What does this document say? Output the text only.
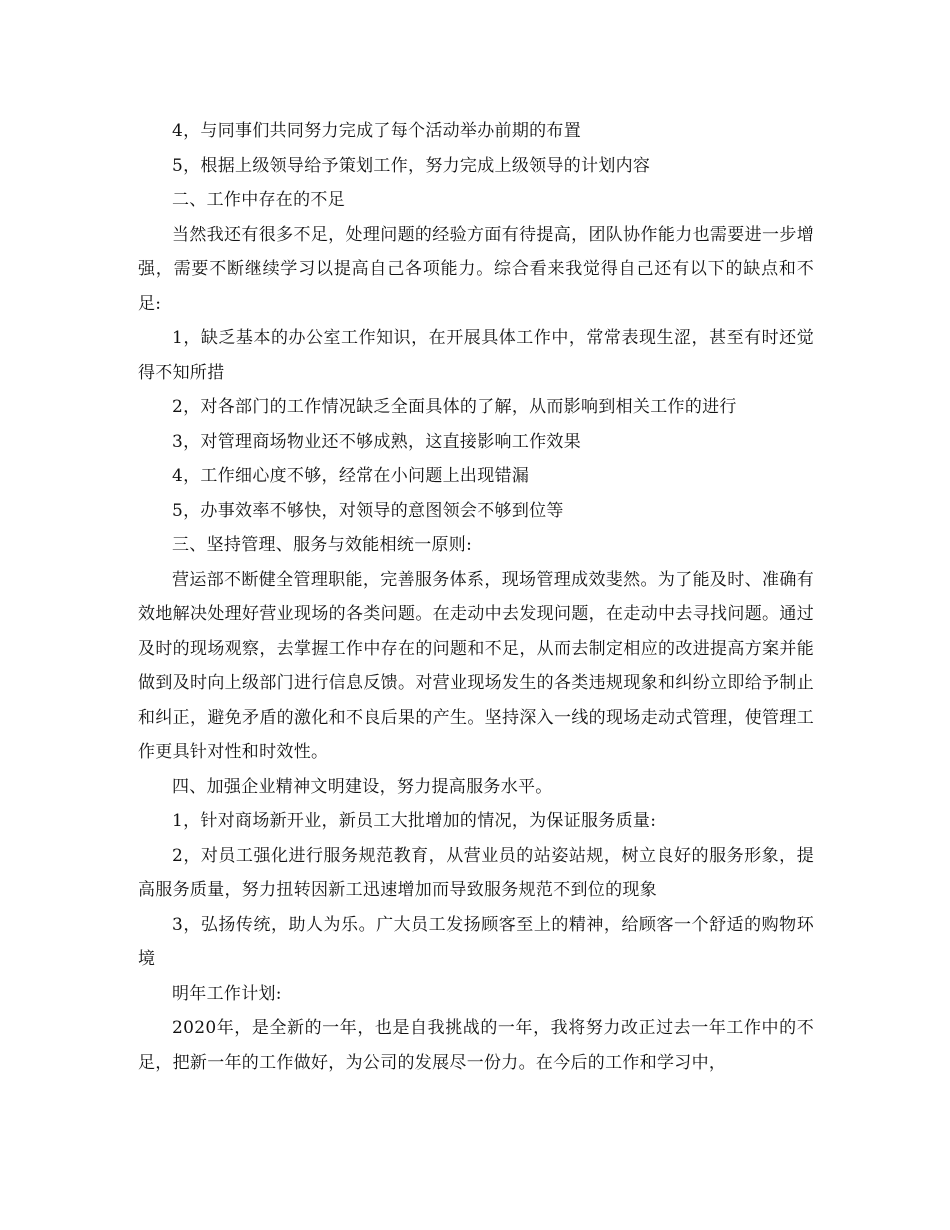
4，与同事们共同努力完成了每个活动举办前期的布置

5，根据上级领导给予策划工作，努力完成上级领导的计划内容

二、工作中存在的不足

当然我还有很多不足，处理问题的经验方面有待提高，团队协作能力也需要进一步增强，需要不断继续学习以提高自己各项能力。综合看来我觉得自己还有以下的缺点和不足:

1，缺乏基本的办公室工作知识，在开展具体工作中，常常表现生涩，甚至有时还觉得不知所措

2，对各部门的工作情况缺乏全面具体的了解，从而影响到相关工作的进行

3，对管理商场物业还不够成熟，这直接影响工作效果

4，工作细心度不够，经常在小问题上出现错漏

5，办事效率不够快，对领导的意图领会不够到位等

三、坚持管理、服务与效能相统一原则:

营运部不断健全管理职能，完善服务体系，现场管理成效斐然。为了能及时、准确有效地解决处理好营业现场的各类问题。在走动中去发现问题，在走动中去寻找问题。通过及时的现场观察，去掌握工作中存在的问题和不足，从而去制定相应的改进提高方案并能做到及时向上级部门进行信息反馈。对营业现场发生的各类违规现象和纠纷立即给予制止和纠正，避免矛盾的激化和不良后果的产生。坚持深入一线的现场走动式管理，使管理工作更具针对性和时效性。

四、加强企业精神文明建设，努力提高服务水平。

1，针对商场新开业，新员工大批增加的情况，为保证服务质量:

2，对员工强化进行服务规范教育，从营业员的站姿站规，树立良好的服务形象，提高服务质量，努力扭转因新工迅速增加而导致服务规范不到位的现象

3，弘扬传统，助人为乐。广大员工发扬顾客至上的精神，给顾客一个舒适的购物环境

明年工作计划:

2020年，是全新的一年，也是自我挑战的一年，我将努力改正过去一年工作中的不足，把新一年的工作做好，为公司的发展尽一份力。在今后的工作和学习中，
